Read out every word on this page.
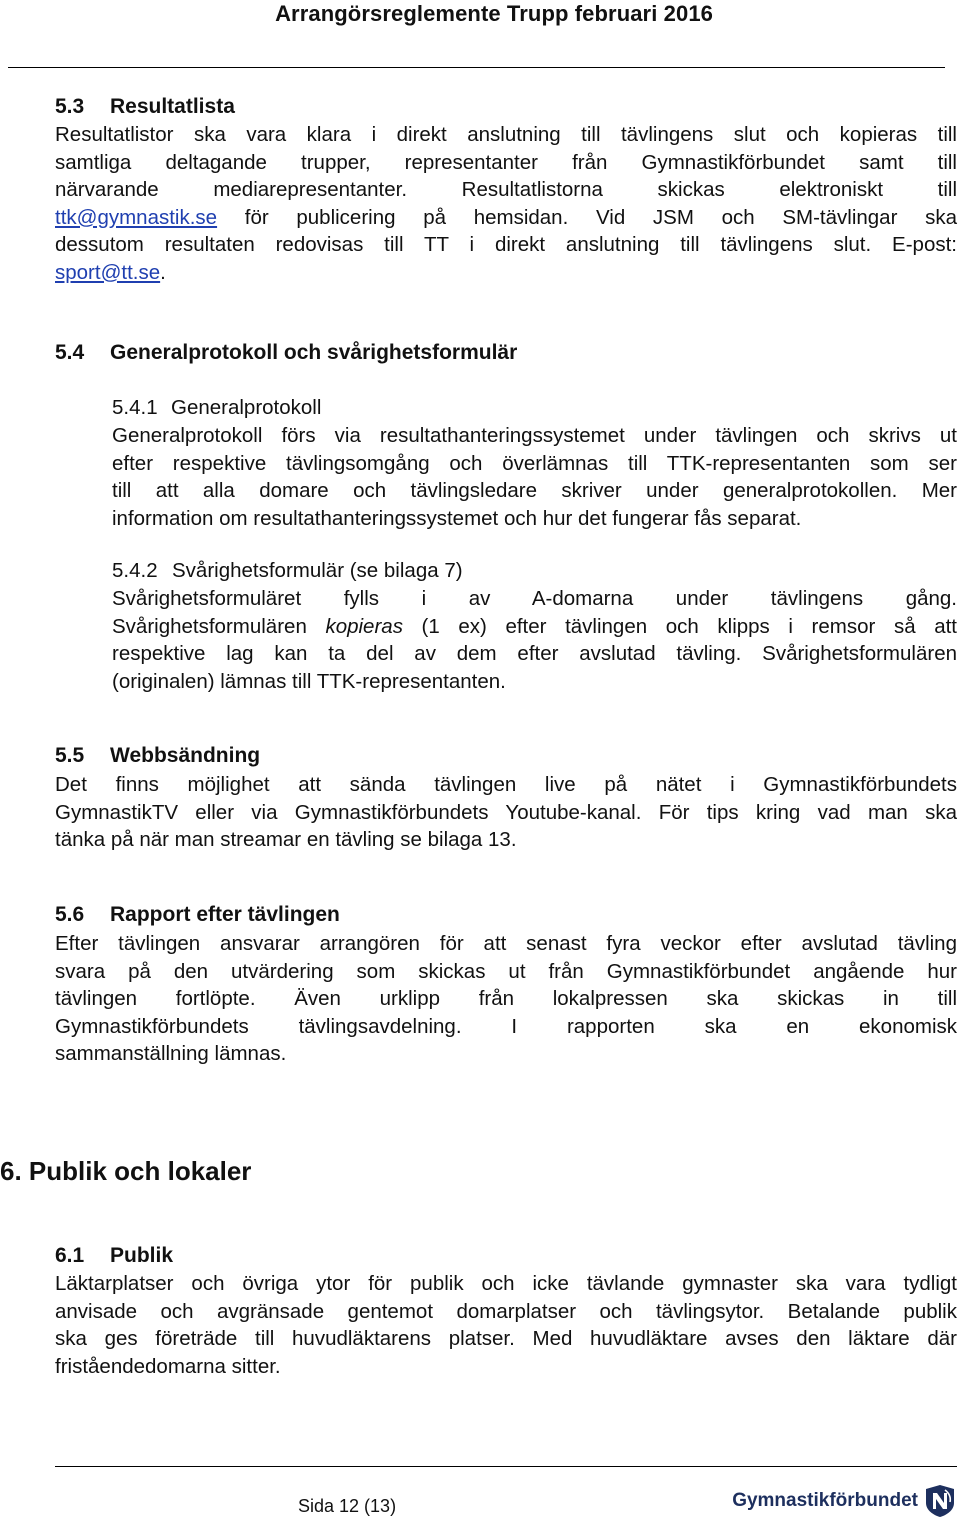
Arrangörsreglemente Trupp februari 2016
5.3 Resultatlista
Resultatlistor ska vara klara i direkt anslutning till tävlingens slut och kopieras till
samtliga deltagande trupper, representanter från Gymnastikförbundet samt till
närvarande mediarepresentanter. Resultatlistorna skickas elektroniskt till
ttk@gymnastik.se för publicering på hemsidan. Vid JSM och SM-tävlingar ska
dessutom resultaten redovisas till TT i direkt anslutning till tävlingens slut. E-post:
sport@tt.se.
5.4 Generalprotokoll och svårighetsformulär
5.4.1 Generalprotokoll
Generalprotokoll förs via resultathanteringssystemet under tävlingen och skrivs ut
efter respektive tävlingsomgång och överlämnas till TTK-representanten som ser
till att alla domare och tävlingsledare skriver under generalprotokollen. Mer
information om resultathanteringssystemet och hur det fungerar fås separat.
5.4.2 Svårighetsformulär (se bilaga 7)
Svårighetsformuläret fylls i av A-domarna under tävlingens gång.
Svårighetsformulären kopieras (1 ex) efter tävlingen och klipps i remsor så att
respektive lag kan ta del av dem efter avslutad tävling. Svårighetsformulären
(originalen) lämnas till TTK-representanten.
5.5 Webbsändning
Det finns möjlighet att sända tävlingen live på nätet i Gymnastikförbundets
GymnastikTV eller via Gymnastikförbundets Youtube-kanal. För tips kring vad man ska
tänka på när man streamar en tävling se bilaga 13.
5.6 Rapport efter tävlingen
Efter tävlingen ansvarar arrangören för att senast fyra veckor efter avslutad tävling
svara på den utvärdering som skickas ut från Gymnastikförbundet angående hur
tävlingen fortlöpte. Även urklipp från lokalpressen ska skickas in till
Gymnastikförbundets tävlingsavdelning. I rapporten ska en ekonomisk
sammanställning lämnas.
6. Publik och lokaler
6.1 Publik
Läktarplatser och övriga ytor för publik och icke tävlande gymnaster ska vara tydligt
anvisade och avgränsade gentemot domarplatser och tävlingsytor. Betalande publik
ska ges företräde till huvudläktarens platser. Med huvudläktare avses den läktare där
friståendedomarna sitter.
Sida 12 (13)	Gymnastikförbundet
